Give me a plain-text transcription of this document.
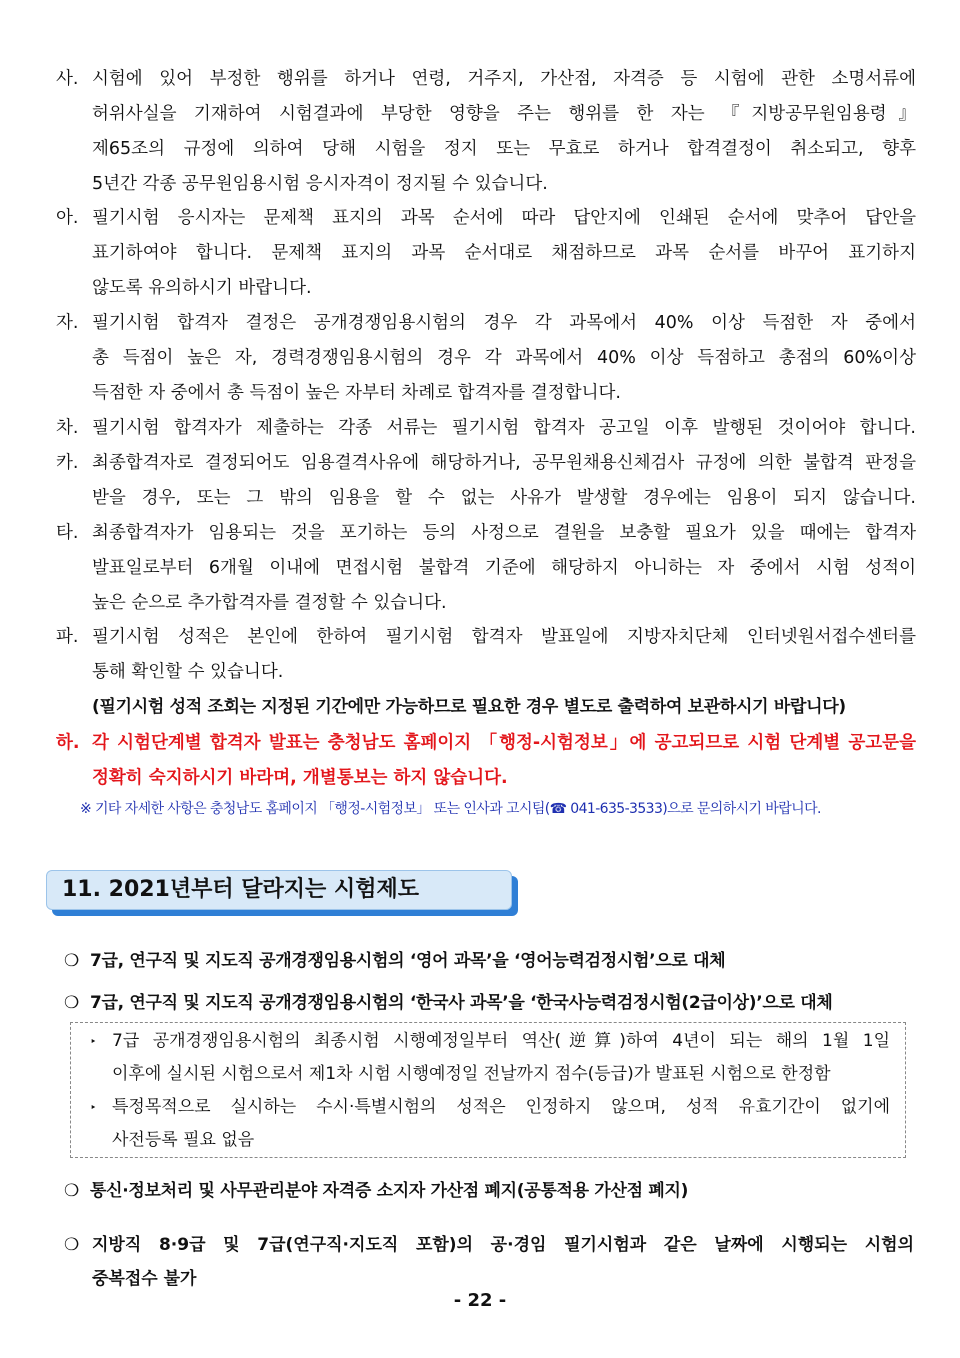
사. 시험에 있어 부정한 행위를 하거나 연령, 거주지, 가산점, 자격증 등 시험에 관한 소명서류에
허위사실을 기재하여 시험결과에 부당한 영향을 주는 행위를 한 자는 『지방공무원임용령』
제65조의 규정에 의하여 당해 시험을 정지 또는 무효로 하거나 합격결정이 취소되고, 향후
5년간 각종 공무원임용시험 응시자격이 정지될 수 있습니다.
아. 필기시험 응시자는 문제책 표지의 과목 순서에 따라 답안지에 인쇄된 순서에 맞추어 답안을
표기하여야 합니다. 문제책 표지의 과목 순서대로 채점하므로 과목 순서를 바꾸어 표기하지
않도록 유의하시기 바랍니다.
자. 필기시험 합격자 결정은 공개경쟁임용시험의 경우 각 과목에서 40% 이상 득점한 자 중에서
총 득점이 높은 자, 경력경쟁임용시험의 경우 각 과목에서 40% 이상 득점하고 총점의 60%이상
득점한 자 중에서 총 득점이 높은 자부터 차례로 합격자를 결정합니다.
차. 필기시험 합격자가 제출하는 각종 서류는 필기시험 합격자 공고일 이후 발행된 것이어야 합니다.
카. 최종합격자로 결정되어도 임용결격사유에 해당하거나, 공무원채용신체검사 규정에 의한 불합격 판정을
받을 경우, 또는 그 밖의 임용을 할 수 없는 사유가 발생할 경우에는 임용이 되지 않습니다.
타. 최종합격자가 임용되는 것을 포기하는 등의 사정으로 결원을 보충할 필요가 있을 때에는 합격자
발표일로부터 6개월 이내에 면접시험 불합격 기준에 해당하지 아니하는 자 중에서 시험 성적이
높은 순으로 추가합격자를 결정할 수 있습니다.
파. 필기시험 성적은 본인에 한하여 필기시험 합격자 발표일에 지방자치단체 인터넷원서접수센터를
통해 확인할 수 있습니다.
(필기시험 성적 조회는 지정된 기간에만 가능하므로 필요한 경우 별도로 출력하여 보관하시기 바랍니다)
하. 각 시험단계별 합격자 발표는 충청남도 홈페이지 「행정-시험정보」에 공고되므로 시험 단계별 공고문을
정확히 숙지하시기 바라며, 개별통보는 하지 않습니다.
※ 기타 자세한 사항은 충청남도 홈페이지 「행정-시험정보」 또는 인사과 고시팀(☎ 041-635-3533)으로 문의하시기 바랍니다.
11. 2021년부터 달라지는 시험제도
❍ 7급, 연구직 및 지도직 공개경쟁임용시험의 ‘영어 과목’을 ‘영어능력검정시험’으로 대체
❍ 7급, 연구직 및 지도직 공개경쟁임용시험의 ‘한국사 과목’을 ‘한국사능력검정시험(2급이상)’으로 대체
‣ 7급 공개경쟁임용시험의 최종시험 시행예정일부터 역산(逆算)하여 4년이 되는 해의 1월 1일
이후에 실시된 시험으로서 제1차 시험 시행예정일 전날까지 점수(등급)가 발표된 시험으로 한정함
‣ 특정목적으로 실시하는 수시·특별시험의 성적은 인정하지 않으며, 성적 유효기간이 없기에
사전등록 필요 없음
❍ 통신·정보처리 및 사무관리분야 자격증 소지자 가산점 폐지(공통적용 가산점 폐지)
❍ 지방직 8·9급 및 7급(연구직·지도직 포함)의 공·경임 필기시험과 같은 날짜에 시행되는 시험의
중복접수 불가
- 22 -
